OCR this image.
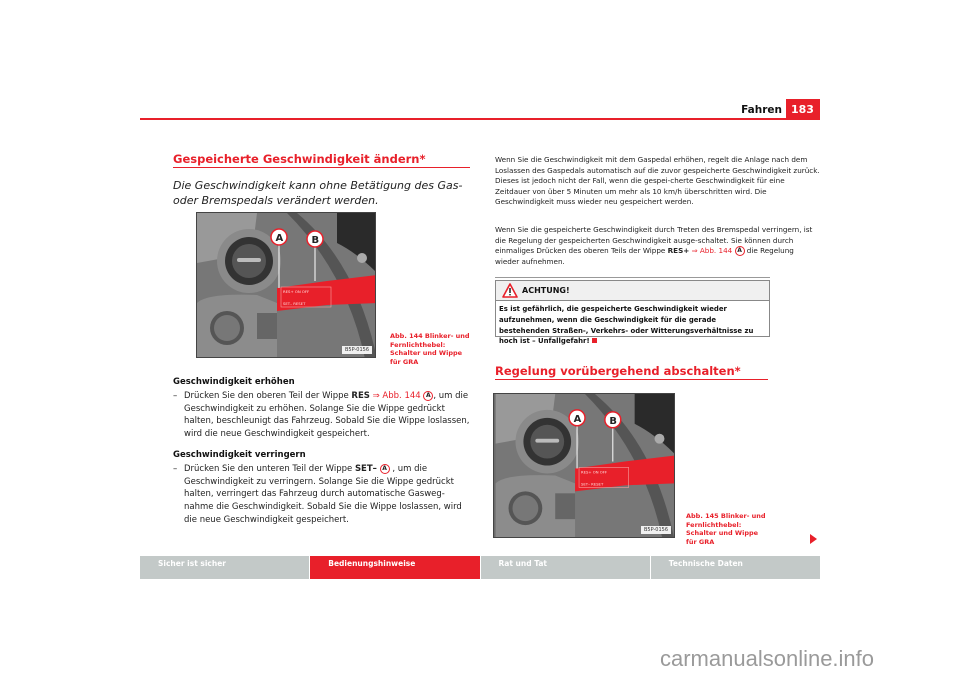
Fahren 183
Gespeicherte Geschwindigkeit ändern*
Die Geschwindigkeit kann ohne Betätigung des Gas- oder Bremspedals verändert werden.
RES+ ON OFF
SET– RESET
A	B
B5P-0156
Abb. 144 Blinker- und Fernlichthebel: Schalter und Wippe für GRA
Geschwindigkeit erhöhen
– Drücken Sie den oberen Teil der Wippe RES ⇒ Abb. 144 A , um die Geschwindigkeit zu erhöhen. Solange Sie die Wippe gedrückt halten, beschleunigt das Fahrzeug. Sobald Sie die Wippe loslassen, wird die neue Geschwindigkeit gespeichert.
Geschwindigkeit verringern
– Drücken Sie den unteren Teil der Wippe SET– A , um die Geschwindigkeit zu verringern. Solange Sie die Wippe gedrückt halten, verringert das Fahrzeug durch automatische Gasweg-nahme die Geschwindigkeit. Sobald Sie die Wippe loslassen, wird die neue Geschwindigkeit gespeichert.
Wenn Sie die Geschwindigkeit mit dem Gaspedal erhöhen, regelt die Anlage nach dem Loslassen des Gaspedals automatisch auf die zuvor gespeicherte Geschwindigkeit zurück. Dieses ist jedoch nicht der Fall, wenn die gespei-cherte Geschwindigkeit für eine Zeitdauer von über 5 Minuten um mehr als 10 km/h überschritten wird. Die Geschwindigkeit muss wieder neu gespeichert werden.
Wenn Sie die gespeicherte Geschwindigkeit durch Treten des Bremspedal verringern, ist die Regelung der gespeicherten Geschwindigkeit ausge-schaltet. Sie können durch einmaliges Drücken des oberen Teils der Wippe RES+ ⇒ Abb. 144 A die Regelung wieder aufnehmen.
ACHTUNG!
Es ist gefährlich, die gespeicherte Geschwindigkeit wieder aufzunehmen, wenn die Geschwindigkeit für die gerade bestehenden Straßen-, Verkehrs- oder Witterungsverhältnisse zu hoch ist – Unfallgefahr!
Regelung vorübergehend abschalten*
RES+ ON OFF
SET– RESET
A	B
B5P-0156
Abb. 145 Blinker- und Fernlichthebel: Schalter und Wippe für GRA
Sicher ist sicher	Bedienungshinweise	Rat und Tat	Technische Daten
carmanualsonline.info
